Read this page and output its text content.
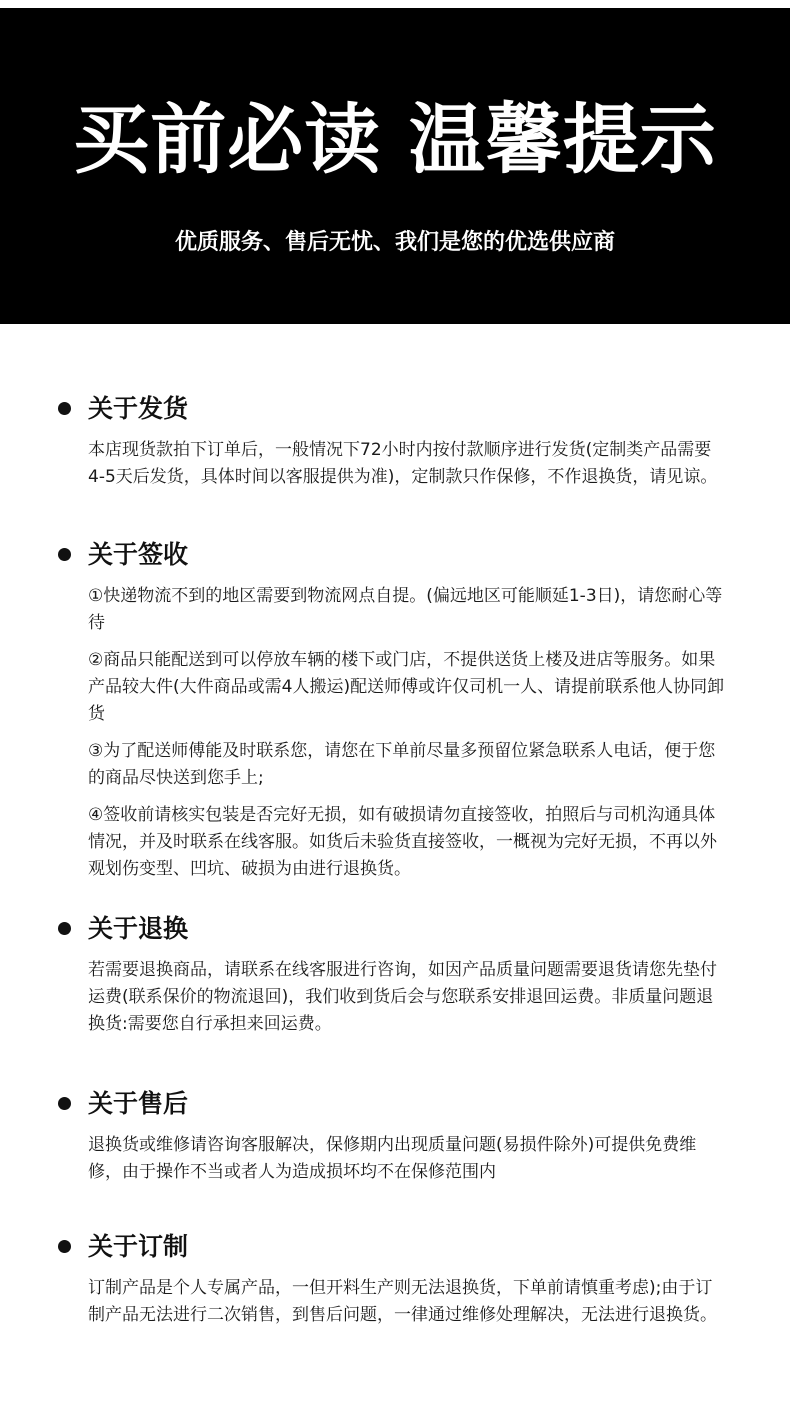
买前必读 温馨提示
优质服务、售后无忧、我们是您的优选供应商
关于发货
本店现货款拍下订单后，一般情况下72小时内按付款顺序进行发货(定制类产品需要4-5天后发货，具体时间以客服提供为准)，定制款只作保修，不作退换货，请见谅。
关于签收
①快递物流不到的地区需要到物流网点自提。(偏远地区可能顺延1-3日)，请您耐心等待
②商品只能配送到可以停放车辆的楼下或门店，不提供送货上楼及进店等服务。如果产品较大件(大件商品或需4人搬运)配送师傅或许仅司机一人、请提前联系他人协同卸货
③为了配送师傅能及时联系您，请您在下单前尽量多预留位紧急联系人电话，便于您的商品尽快送到您手上;
④签收前请核实包装是否完好无损，如有破损请勿直接签收，拍照后与司机沟通具体情况，并及时联系在线客服。如货后未验货直接签收，一概视为完好无损，不再以外观划伤变型、凹坑、破损为由进行退换货。
关于退换
若需要退换商品，请联系在线客服进行咨询，如因产品质量问题需要退货请您先垫付运费(联系保价的物流退回)，我们收到货后会与您联系安排退回运费。非质量问题退换货:需要您自行承担来回运费。
关于售后
退换货或维修请咨询客服解决，保修期内出现质量问题(易损件除外)可提供免费维修，由于操作不当或者人为造成损坏均不在保修范围内
关于订制
订制产品是个人专属产品，一但开料生产则无法退换货，下单前请慎重考虑);由于订制产品无法进行二次销售，到售后问题，一律通过维修处理解决，无法进行退换货。
